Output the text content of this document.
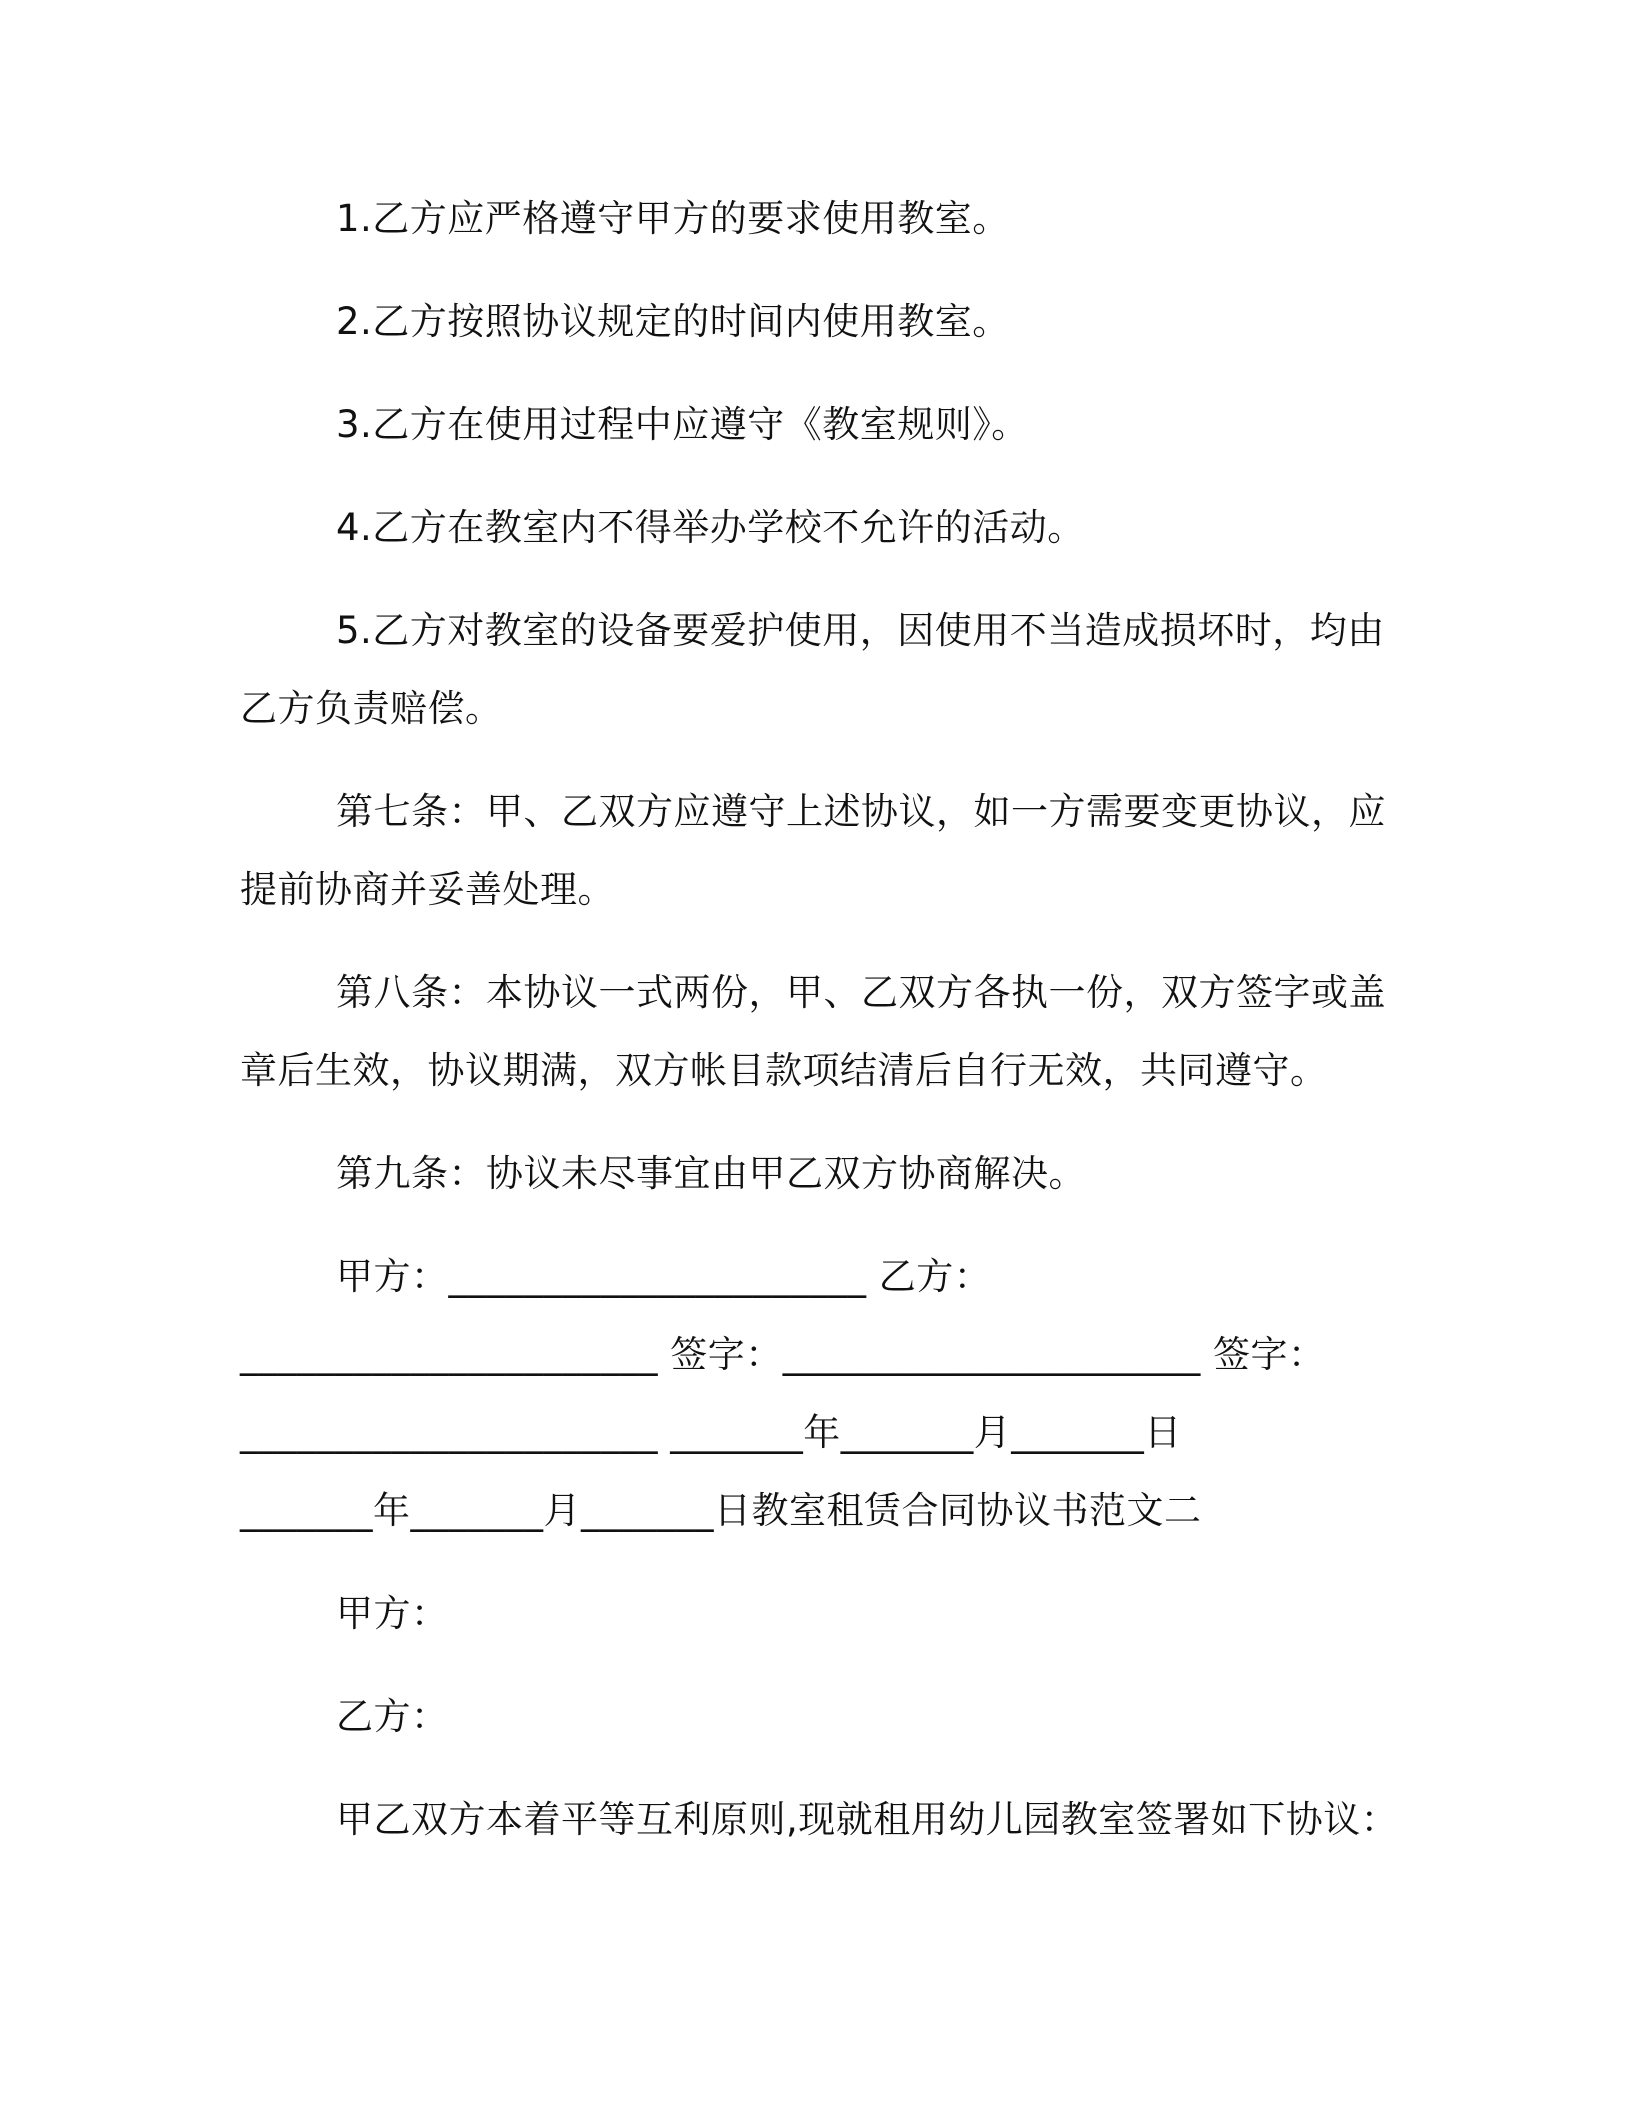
1.乙方应严格遵守甲方的要求使用教室。
2.乙方按照协议规定的时间内使用教室。
3.乙方在使用过程中应遵守《教室规则》。
4.乙方在教室内不得举办学校不允许的活动。
5.乙方对教室的设备要爱护使用，因使用不当造成损坏时，均由
乙方负责赔偿。
第七条：甲、乙双方应遵守上述协议，如一方需要变更协议，应
提前协商并妥善处理。
第八条：本协议一式两份，甲、乙双方各执一份，双方签字或盖
章后生效，协议期满，双方帐目款项结清后自行无效，共同遵守。
第九条：协议未尽事宜由甲乙双方协商解决。
甲方：______________________ 乙方：
______________________ 签字：______________________ 签字：
______________________ _______年_______月_______日
_______年_______月_______日教室租赁合同协议书范文二
甲方：
乙方：
甲乙双方本着平等互利原则,现就租用幼儿园教室签署如下协议：
